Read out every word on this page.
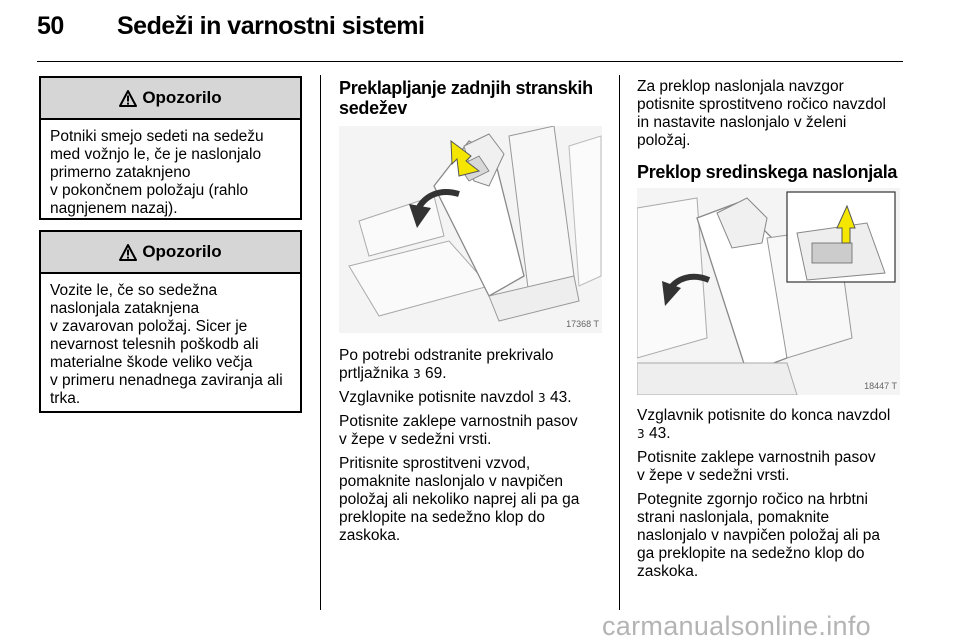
50 Sedeži in varnostni sistemi
Opozorilo
Potniki smejo sedeti na sedežu
med vožnjo le, če je naslonjalo
primerno zataknjeno
v pokončnem položaju (rahlo
nagnjenem nazaj).
Opozorilo
Vozite le, če so sedežna
naslonjala zataknjena
v zavarovan položaj. Sicer je
nevarnost telesnih poškodb ali
materialne škode veliko večja
v primeru nenadnega zaviranja ali
trka.
Preklapljanje zadnjih stranskih
sedežev
17368 T

Po potrebi odstranite prekrivalo
prtljažnika 3 69.

Vzglavnike potisnite navzdol 3 43.

Potisnite zaklepe varnostnih pasov
v žepe v sedežni vrsti.

Pritisnite sprostitveni vzvod,
pomaknite naslonjalo v navpičen
položaj ali nekoliko naprej ali pa ga
preklopite na sedežno klop do
zaskoka.

Za preklop naslonjala navzgor
potisnite sprostitveno ročico navzdol
in nastavite naslonjalo v želeni
položaj.

Preklop sredinskega naslonjala
18447 T

Vzglavnik potisnite do konca navzdol
3 43.

Potisnite zaklepe varnostnih pasov
v žepe v sedežni vrsti.

Potegnite zgornjo ročico na hrbtni
strani naslonjala, pomaknite
naslonjalo v navpičen položaj ali pa
ga preklopite na sedežno klop do
zaskoka.

carmanualsonline.info
